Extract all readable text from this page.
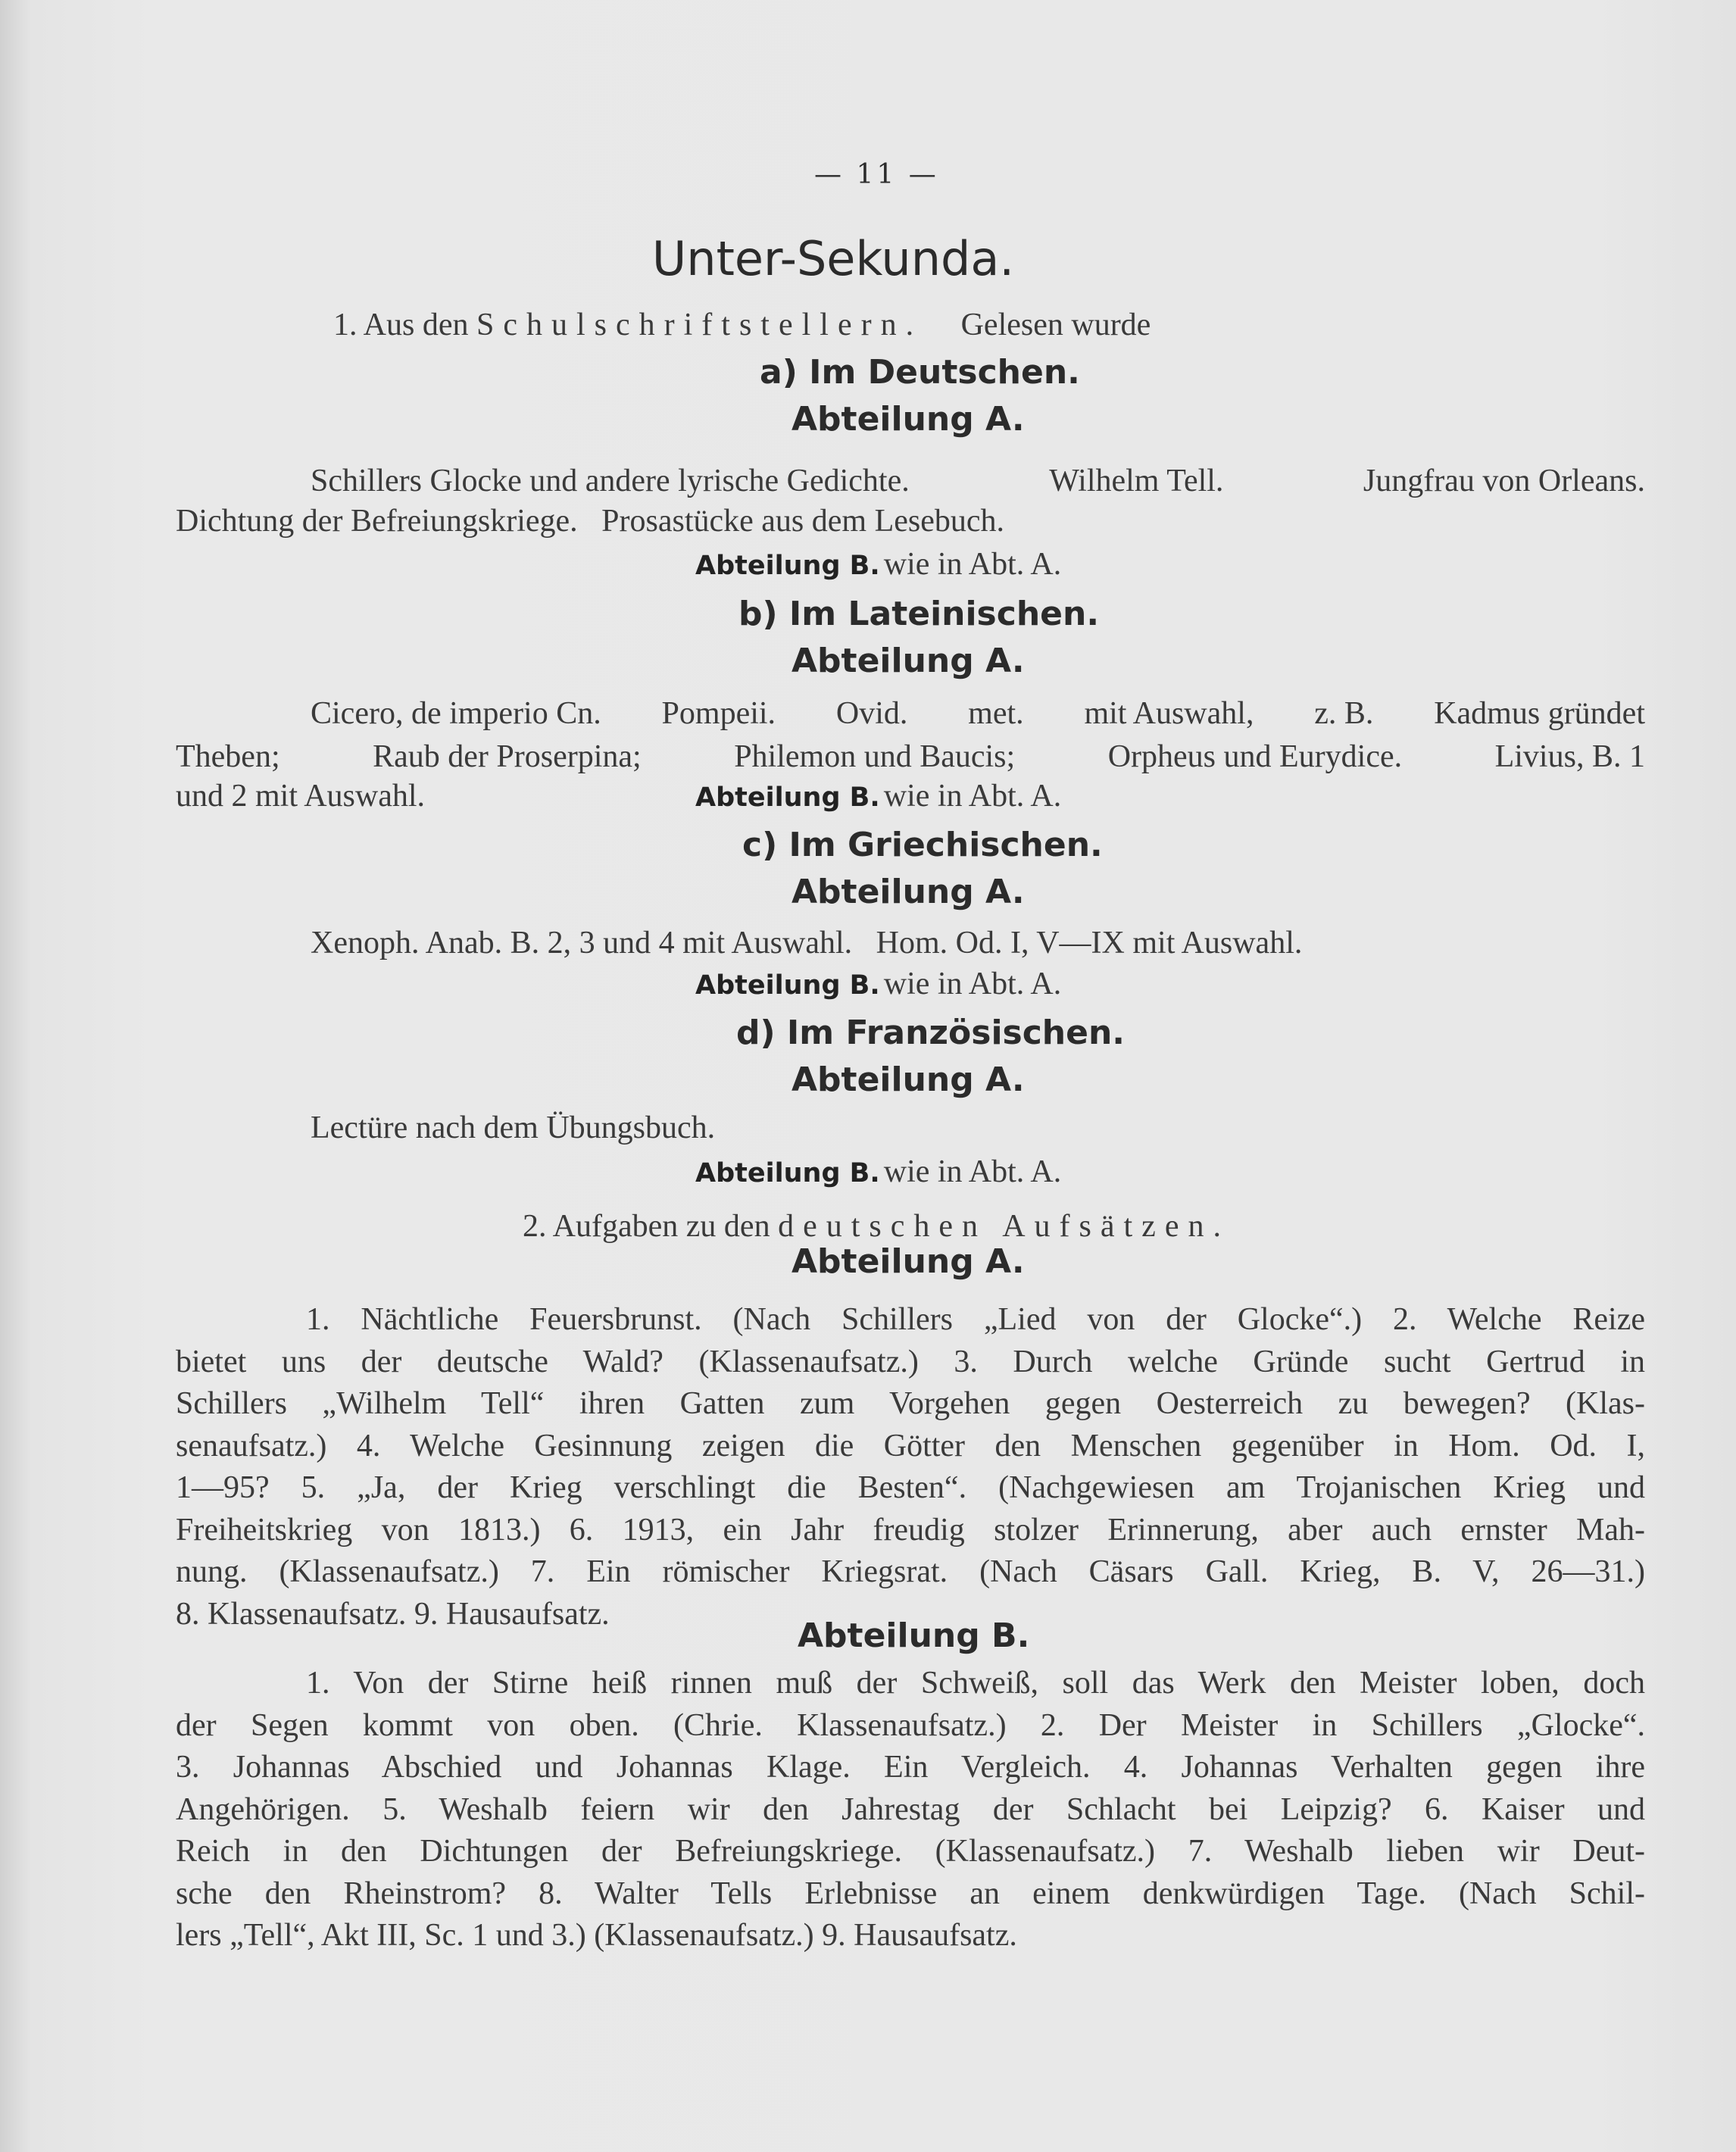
— 11 —
Unter-Sekunda.
1. Aus den Schulschriftstellern. Gelesen wurde
a) Im Deutschen.
Abteilung A.
Schillers Glocke und andere lyrische Gedichte.	Wilhelm Tell.	Jungfrau von Orleans.
Dichtung der Befreiungskriege.   Prosastücke aus dem Lesebuch.
Abteilung B. wie in Abt. A.
b) Im Lateinischen.
Abteilung A.
Cicero, de imperio Cn. Pompeii. Ovid. met. mit Auswahl, z. B. Kadmus gründet
Theben;	Raub der Proserpina;	Philemon und Baucis;	Orpheus und Eurydice.	Livius, B. 1
und 2 mit Auswahl.	Abteilung B. wie in Abt. A.
c) Im Griechischen.
Abteilung A.
Xenoph. Anab. B. 2, 3 und 4 mit Auswahl.   Hom. Od. I, V—IX mit Auswahl.
Abteilung B. wie in Abt. A.
d) Im Französischen.
Abteilung A.
Lectüre nach dem Übungsbuch.
Abteilung B. wie in Abt. A.
2. Aufgaben zu den deutschen Aufsätzen.
Abteilung A.
1. Nächtliche Feuersbrunst. (Nach Schillers „Lied von der Glocke“.) 2. Welche Reize
bietet uns der deutsche Wald? (Klassenaufsatz.) 3. Durch welche Gründe sucht Gertrud in
Schillers „Wilhelm Tell“ ihren Gatten zum Vorgehen gegen Oesterreich zu bewegen? (Klas-
senaufsatz.) 4. Welche Gesinnung zeigen die Götter den Menschen gegenüber in Hom. Od. I,
1—95? 5. „Ja, der Krieg verschlingt die Besten“. (Nachgewiesen am Trojanischen Krieg und
Freiheitskrieg von 1813.) 6. 1913, ein Jahr freudig stolzer Erinnerung, aber auch ernster Mah-
nung. (Klassenaufsatz.) 7. Ein römischer Kriegsrat. (Nach Cäsars Gall. Krieg, B. V, 26—31.)
8. Klassenaufsatz. 9. Hausaufsatz.
Abteilung B.
1. Von der Stirne heiß rinnen muß der Schweiß, soll das Werk den Meister loben, doch
der Segen kommt von oben. (Chrie. Klassenaufsatz.) 2. Der Meister in Schillers „Glocke“.
3. Johannas Abschied und Johannas Klage. Ein Vergleich. 4. Johannas Verhalten gegen ihre
Angehörigen. 5. Weshalb feiern wir den Jahrestag der Schlacht bei Leipzig? 6. Kaiser und
Reich in den Dichtungen der Befreiungskriege. (Klassenaufsatz.) 7. Weshalb lieben wir Deut-
sche den Rheinstrom? 8. Walter Tells Erlebnisse an einem denkwürdigen Tage. (Nach Schil-
lers „Tell“, Akt III, Sc. 1 und 3.) (Klassenaufsatz.) 9. Hausaufsatz.
